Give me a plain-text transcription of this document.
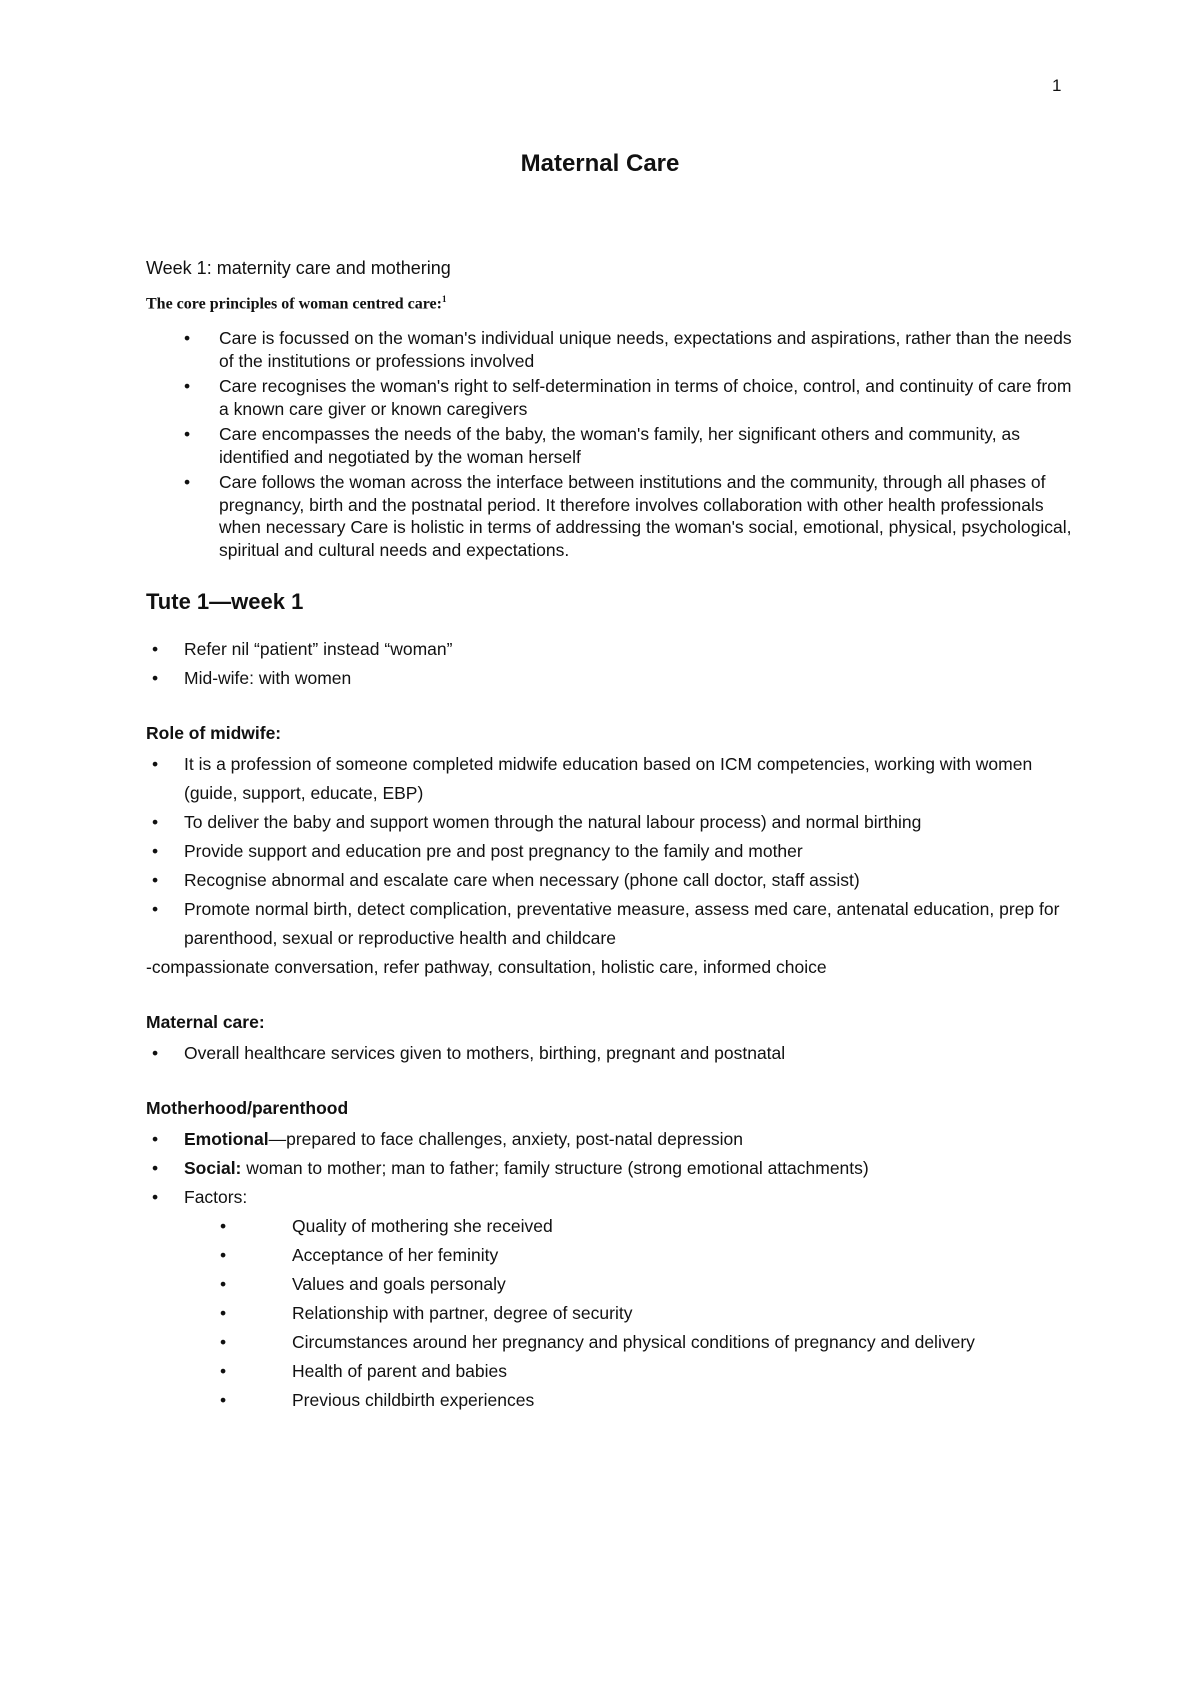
1
Maternal Care
Week 1: maternity care and mothering
The core principles of woman centred care:$^1$
• Care is focussed on the woman's individual unique needs, expectations and aspirations, rather than the needs of the institutions or professions involved
• Care recognises the woman's right to self-determination in terms of choice, control, and continuity of care from a known care giver or known caregivers
• Care encompasses the needs of the baby, the woman's family, her significant others and community, as identified and negotiated by the woman herself
• Care follows the woman across the interface between institutions and the community, through all phases of pregnancy, birth and the postnatal period. It therefore involves collaboration with other health professionals when necessary Care is holistic in terms of addressing the woman's social, emotional, physical, psychological, spiritual and cultural needs and expectations.
Tute 1—week 1
• Refer nil “patient” instead “woman”
• Mid-wife: with women
Role of midwife:
• It is a profession of someone completed midwife education based on ICM competencies, working with women (guide, support, educate, EBP)
• To deliver the baby and support women through the natural labour process) and normal birthing
• Provide support and education pre and post pregnancy to the family and mother
• Recognise abnormal and escalate care when necessary (phone call doctor, staff assist)
• Promote normal birth, detect complication, preventative measure, assess med care, antenatal education, prep for parenthood, sexual or reproductive health and childcare
-compassionate conversation, refer pathway, consultation, holistic care, informed choice
Maternal care:
• Overall healthcare services given to mothers, birthing, pregnant and postnatal
Motherhood/parenthood
• Emotional—prepared to face challenges, anxiety, post-natal depression
• Social: woman to mother; man to father; family structure (strong emotional attachments)
• Factors:
•	Quality of mothering she received
•	Acceptance of her feminity
•	Values and goals personaly
•	Relationship with partner, degree of security
•	Circumstances around her pregnancy and physical conditions of pregnancy and delivery
•	Health of parent and babies
•	Previous childbirth experiences
